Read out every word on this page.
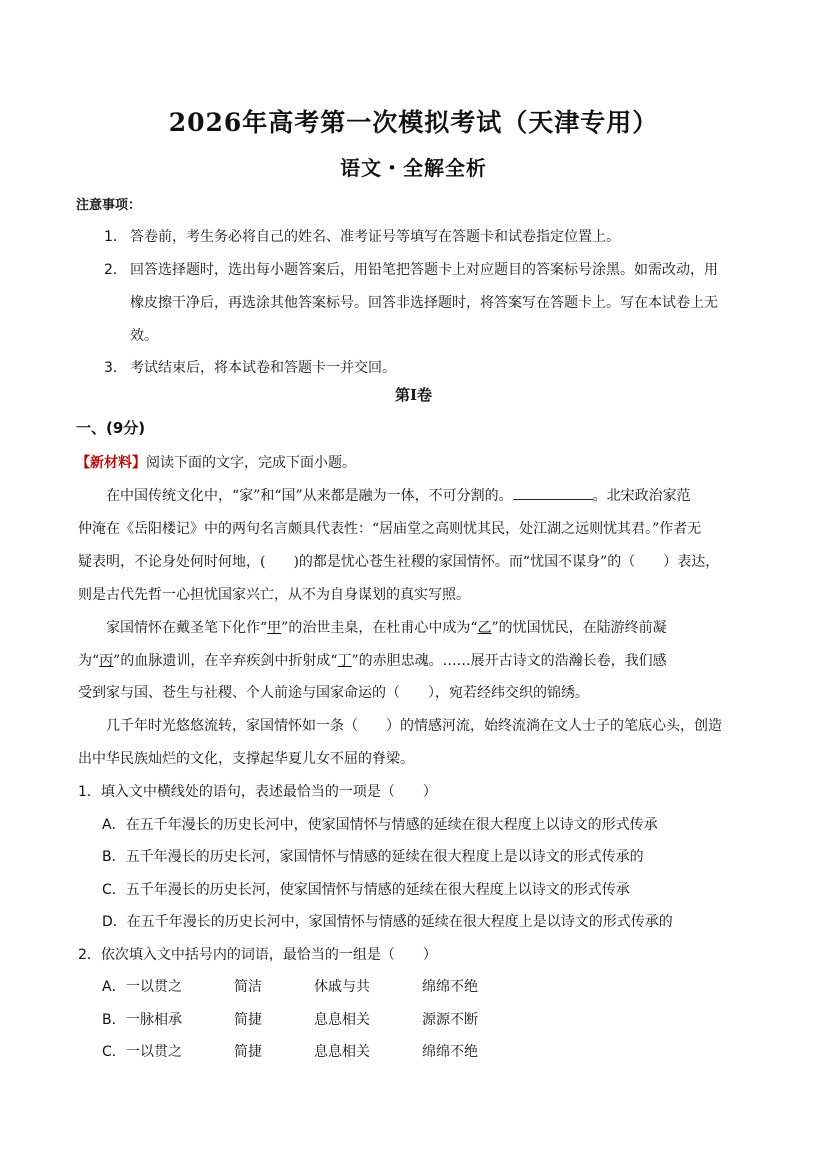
2026年高考第一次模拟考试（天津专用）
语文・全解全析
注意事项：
1． 答卷前，考生务必将自己的姓名、准考证号等填写在答题卡和试卷指定位置上。
2． 回答选择题时，选出每小题答案后，用铅笔把答题卡上对应题目的答案标号涂黑。如需改动，用
橡皮擦干净后，再选涂其他答案标号。回答非选择题时，将答案写在答题卡上。写在本试卷上无
效。
3． 考试结束后，将本试卷和答题卡一并交回。
第Ⅰ卷
一、(9分)
【新材料】阅读下面的文字，完成下面小题。
在中国传统文化中，“家”和“国”从来都是融为一体，不可分割的。	。北宋政治家范
仲淹在《岳阳楼记》中的两句名言颇具代表性：“居庙堂之高则忧其民，处江湖之远则忧其君。”作者无
疑表明，不论身处何时何地，(　　)的都是忧心苍生社稷的家国情怀。而“忧国不谋身”的（　　）表达，
则是古代先哲一心担忧国家兴亡，从不为自身谋划的真实写照。
家国情怀在戴圣笔下化作“甲”的治世圭臬，在杜甫心中成为“乙”的忧国忧民，在陆游终前凝
为“丙”的血脉遗训，在辛弃疾剑中折射成“丁”的赤胆忠魂。……展开古诗文的浩瀚长卷，我们感
受到家与国、苍生与社稷、个人前途与国家命运的（　　），宛若经纬交织的锦绣。
几千年时光悠悠流转，家国情怀如一条（　　）的情感河流，始终流淌在文人士子的笔底心头，创造
出中华民族灿烂的文化，支撑起华夏儿女不屈的脊梁。
1．填入文中横线处的语句，表述最恰当的一项是（　　）
A．在五千年漫长的历史长河中，使家国情怀与情感的延续在很大程度上以诗文的形式传承
B．五千年漫长的历史长河，家国情怀与情感的延续在很大程度上是以诗文的形式传承的
C．五千年漫长的历史长河，使家国情怀与情感的延续在很大程度上以诗文的形式传承
D．在五千年漫长的历史长河中，家国情怀与情感的延续在很大程度上是以诗文的形式传承的
2．依次填入文中括号内的词语，最恰当的一组是（　　）
A． 一以贯之	简洁	休戚与共	绵绵不绝
B． 一脉相承	简捷	息息相关	源源不断
C． 一以贯之	简捷	息息相关	绵绵不绝
